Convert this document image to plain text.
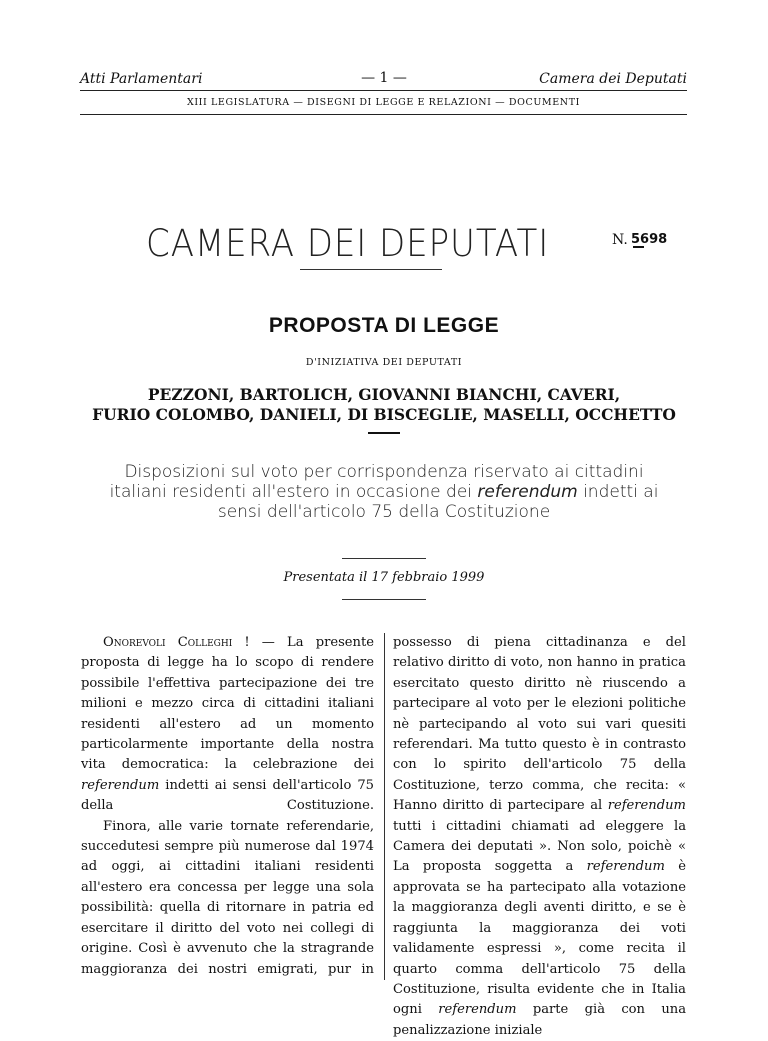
Atti Parlamentari	— 1 —	Camera dei Deputati
XIII LEGISLATURA — DISEGNI DI LEGGE E RELAZIONI — DOCUMENTI
CAMERA DEI DEPUTATI	N. 5698
PROPOSTA DI LEGGE
D'INIZIATIVA DEI DEPUTATI
PEZZONI, BARTOLICH, GIOVANNI BIANCHI, CAVERI,
FURIO COLOMBO, DANIELI, DI BISCEGLIE, MASELLI, OCCHETTO
Disposizioni sul voto per corrispondenza riservato ai cittadini
italiani residenti all'estero in occasione dei referendum indetti ai
sensi dell'articolo 75 della Costituzione
Presentata il 17 febbraio 1999

Onorevoli Colleghi ! — La presente proposta di legge ha lo scopo di rendere possibile l'effettiva partecipazione dei tre milioni e mezzo circa di cittadini italiani residenti all'estero ad un momento particolarmente importante della nostra vita democratica: la celebrazione dei referendum indetti ai sensi dell'articolo 75 della Costituzione.

Finora, alle varie tornate referendarie, succedutesi sempre più numerose dal 1974 ad oggi, ai cittadini italiani residenti all'estero era concessa per legge una sola possibilità: quella di ritornare in patria ed esercitare il diritto del voto nei collegi di origine. Così è avvenuto che la stragrande maggioranza dei nostri emigrati, pur in

possesso di piena cittadinanza e del relativo diritto di voto, non hanno in pratica esercitato questo diritto nè riuscendo a partecipare al voto per le elezioni politiche nè partecipando al voto sui vari quesiti referendari. Ma tutto questo è in contrasto con lo spirito dell'articolo 75 della Costituzione, terzo comma, che recita: « Hanno diritto di partecipare al referendum tutti i cittadini chiamati ad eleggere la Camera dei deputati ». Non solo, poichè « La proposta soggetta a referendum è approvata se ha partecipato alla votazione la maggioranza degli aventi diritto, e se è raggiunta la maggioranza dei voti validamente espressi », come recita il quarto comma dell'articolo 75 della Costituzione, risulta evidente che in Italia ogni referendum parte già con una penalizzazione iniziale
